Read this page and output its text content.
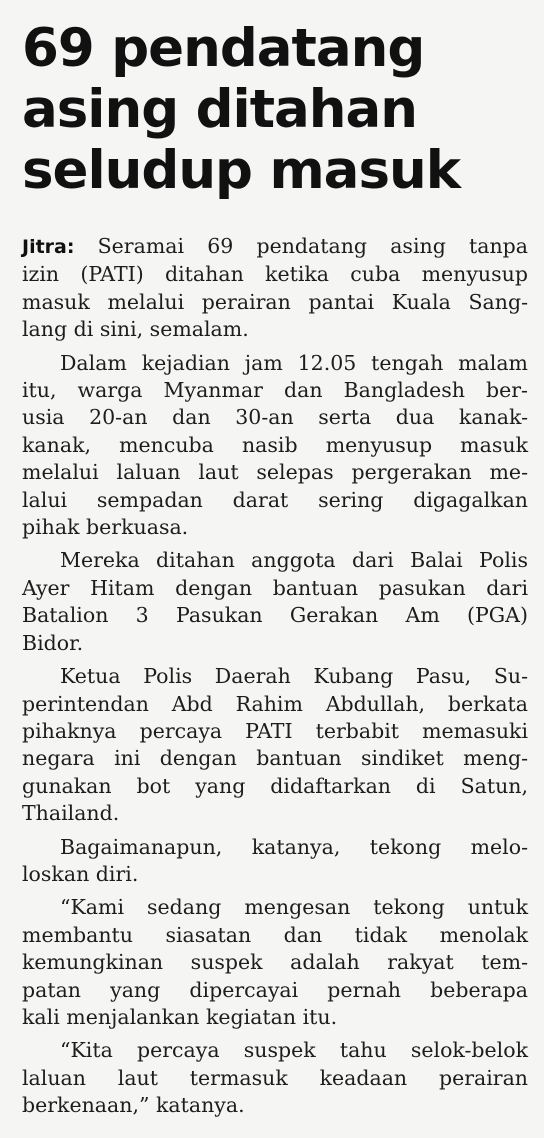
69 pendatang
asing ditahan
seludup masuk

Jitra: Seramai 69 pendatang asing tanpa
izin (PATI) ditahan ketika cuba menyusup
masuk melalui perairan pantai Kuala Sang-
lang di sini, semalam.

Dalam kejadian jam 12.05 tengah malam
itu, warga Myanmar dan Bangladesh ber-
usia 20-an dan 30-an serta dua kanak-
kanak, mencuba nasib menyusup masuk
melalui laluan laut selepas pergerakan me-
lalui sempadan darat sering digagalkan
pihak berkuasa.

Mereka ditahan anggota dari Balai Polis
Ayer Hitam dengan bantuan pasukan dari
Batalion 3 Pasukan Gerakan Am (PGA)
Bidor.

Ketua Polis Daerah Kubang Pasu, Su-
perintendan Abd Rahim Abdullah, berkata
pihaknya percaya PATI terbabit memasuki
negara ini dengan bantuan sindiket meng-
gunakan bot yang didaftarkan di Satun,
Thailand.

Bagaimanapun, katanya, tekong melo-
loskan diri.

“Kami sedang mengesan tekong untuk
membantu siasatan dan tidak menolak
kemungkinan suspek adalah rakyat tem-
patan yang dipercayai pernah beberapa
kali menjalankan kegiatan itu.

“Kita percaya suspek tahu selok-belok
laluan laut termasuk keadaan perairan
berkenaan,” katanya.
